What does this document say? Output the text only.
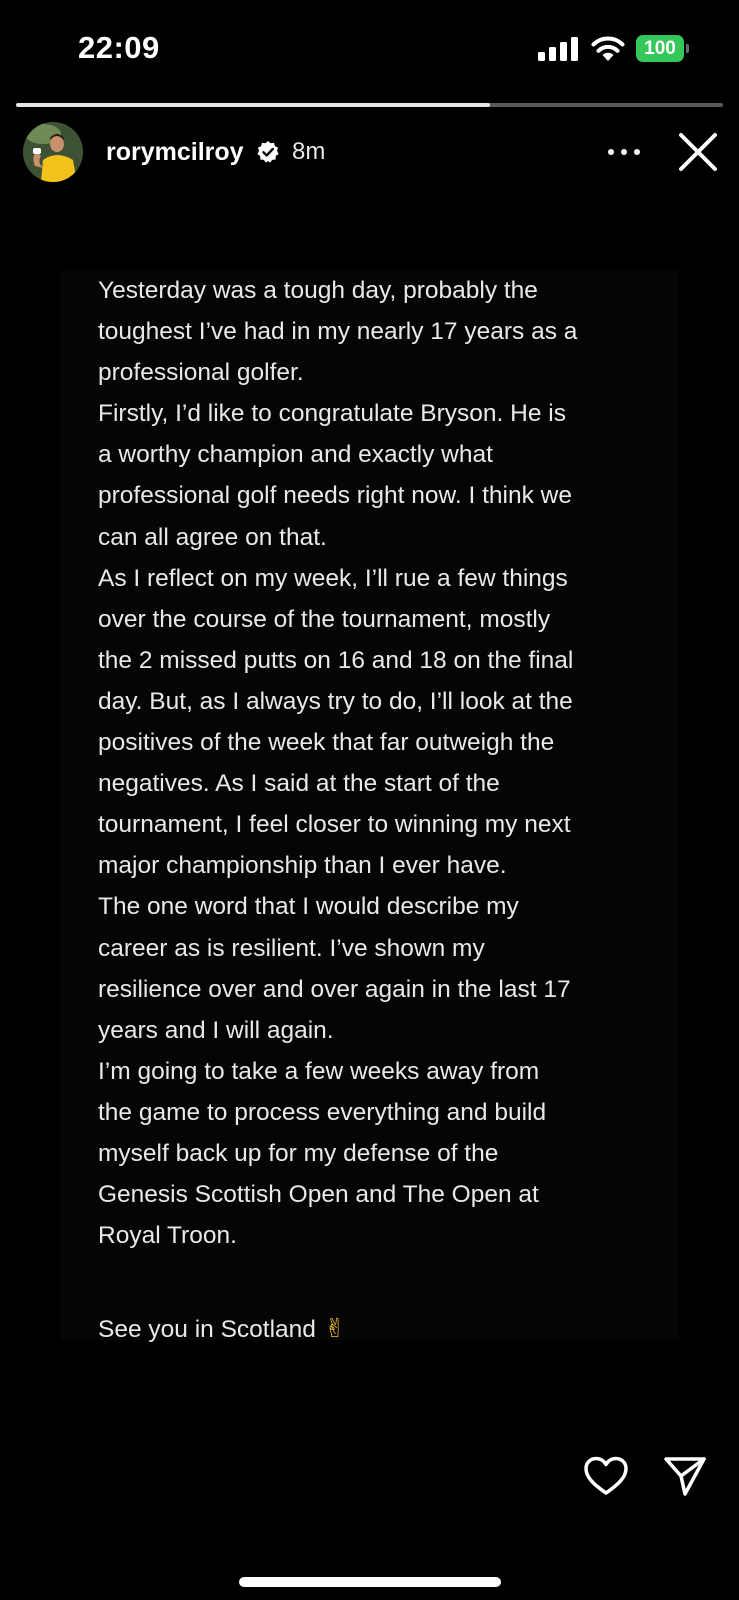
22:09	100
rorymcilroy 8m
Yesterday was a tough day, probably the
toughest I’ve had in my nearly 17 years as a
professional golfer.
Firstly, I’d like to congratulate Bryson. He is
a worthy champion and exactly what
professional golf needs right now. I think we
can all agree on that.
As I reflect on my week, I’ll rue a few things
over the course of the tournament, mostly
the 2 missed putts on 16 and 18 on the final
day. But, as I always try to do, I’ll look at the
positives of the week that far outweigh the
negatives. As I said at the start of the
tournament, I feel closer to winning my next
major championship than I ever have.
The one word that I would describe my
career as is resilient. I’ve shown my
resilience over and over again in the last 17
years and I will again.
I’m going to take a few weeks away from
the game to process everything and build
myself back up for my defense of the
Genesis Scottish Open and The Open at
Royal Troon.
See you in Scotland ✌
